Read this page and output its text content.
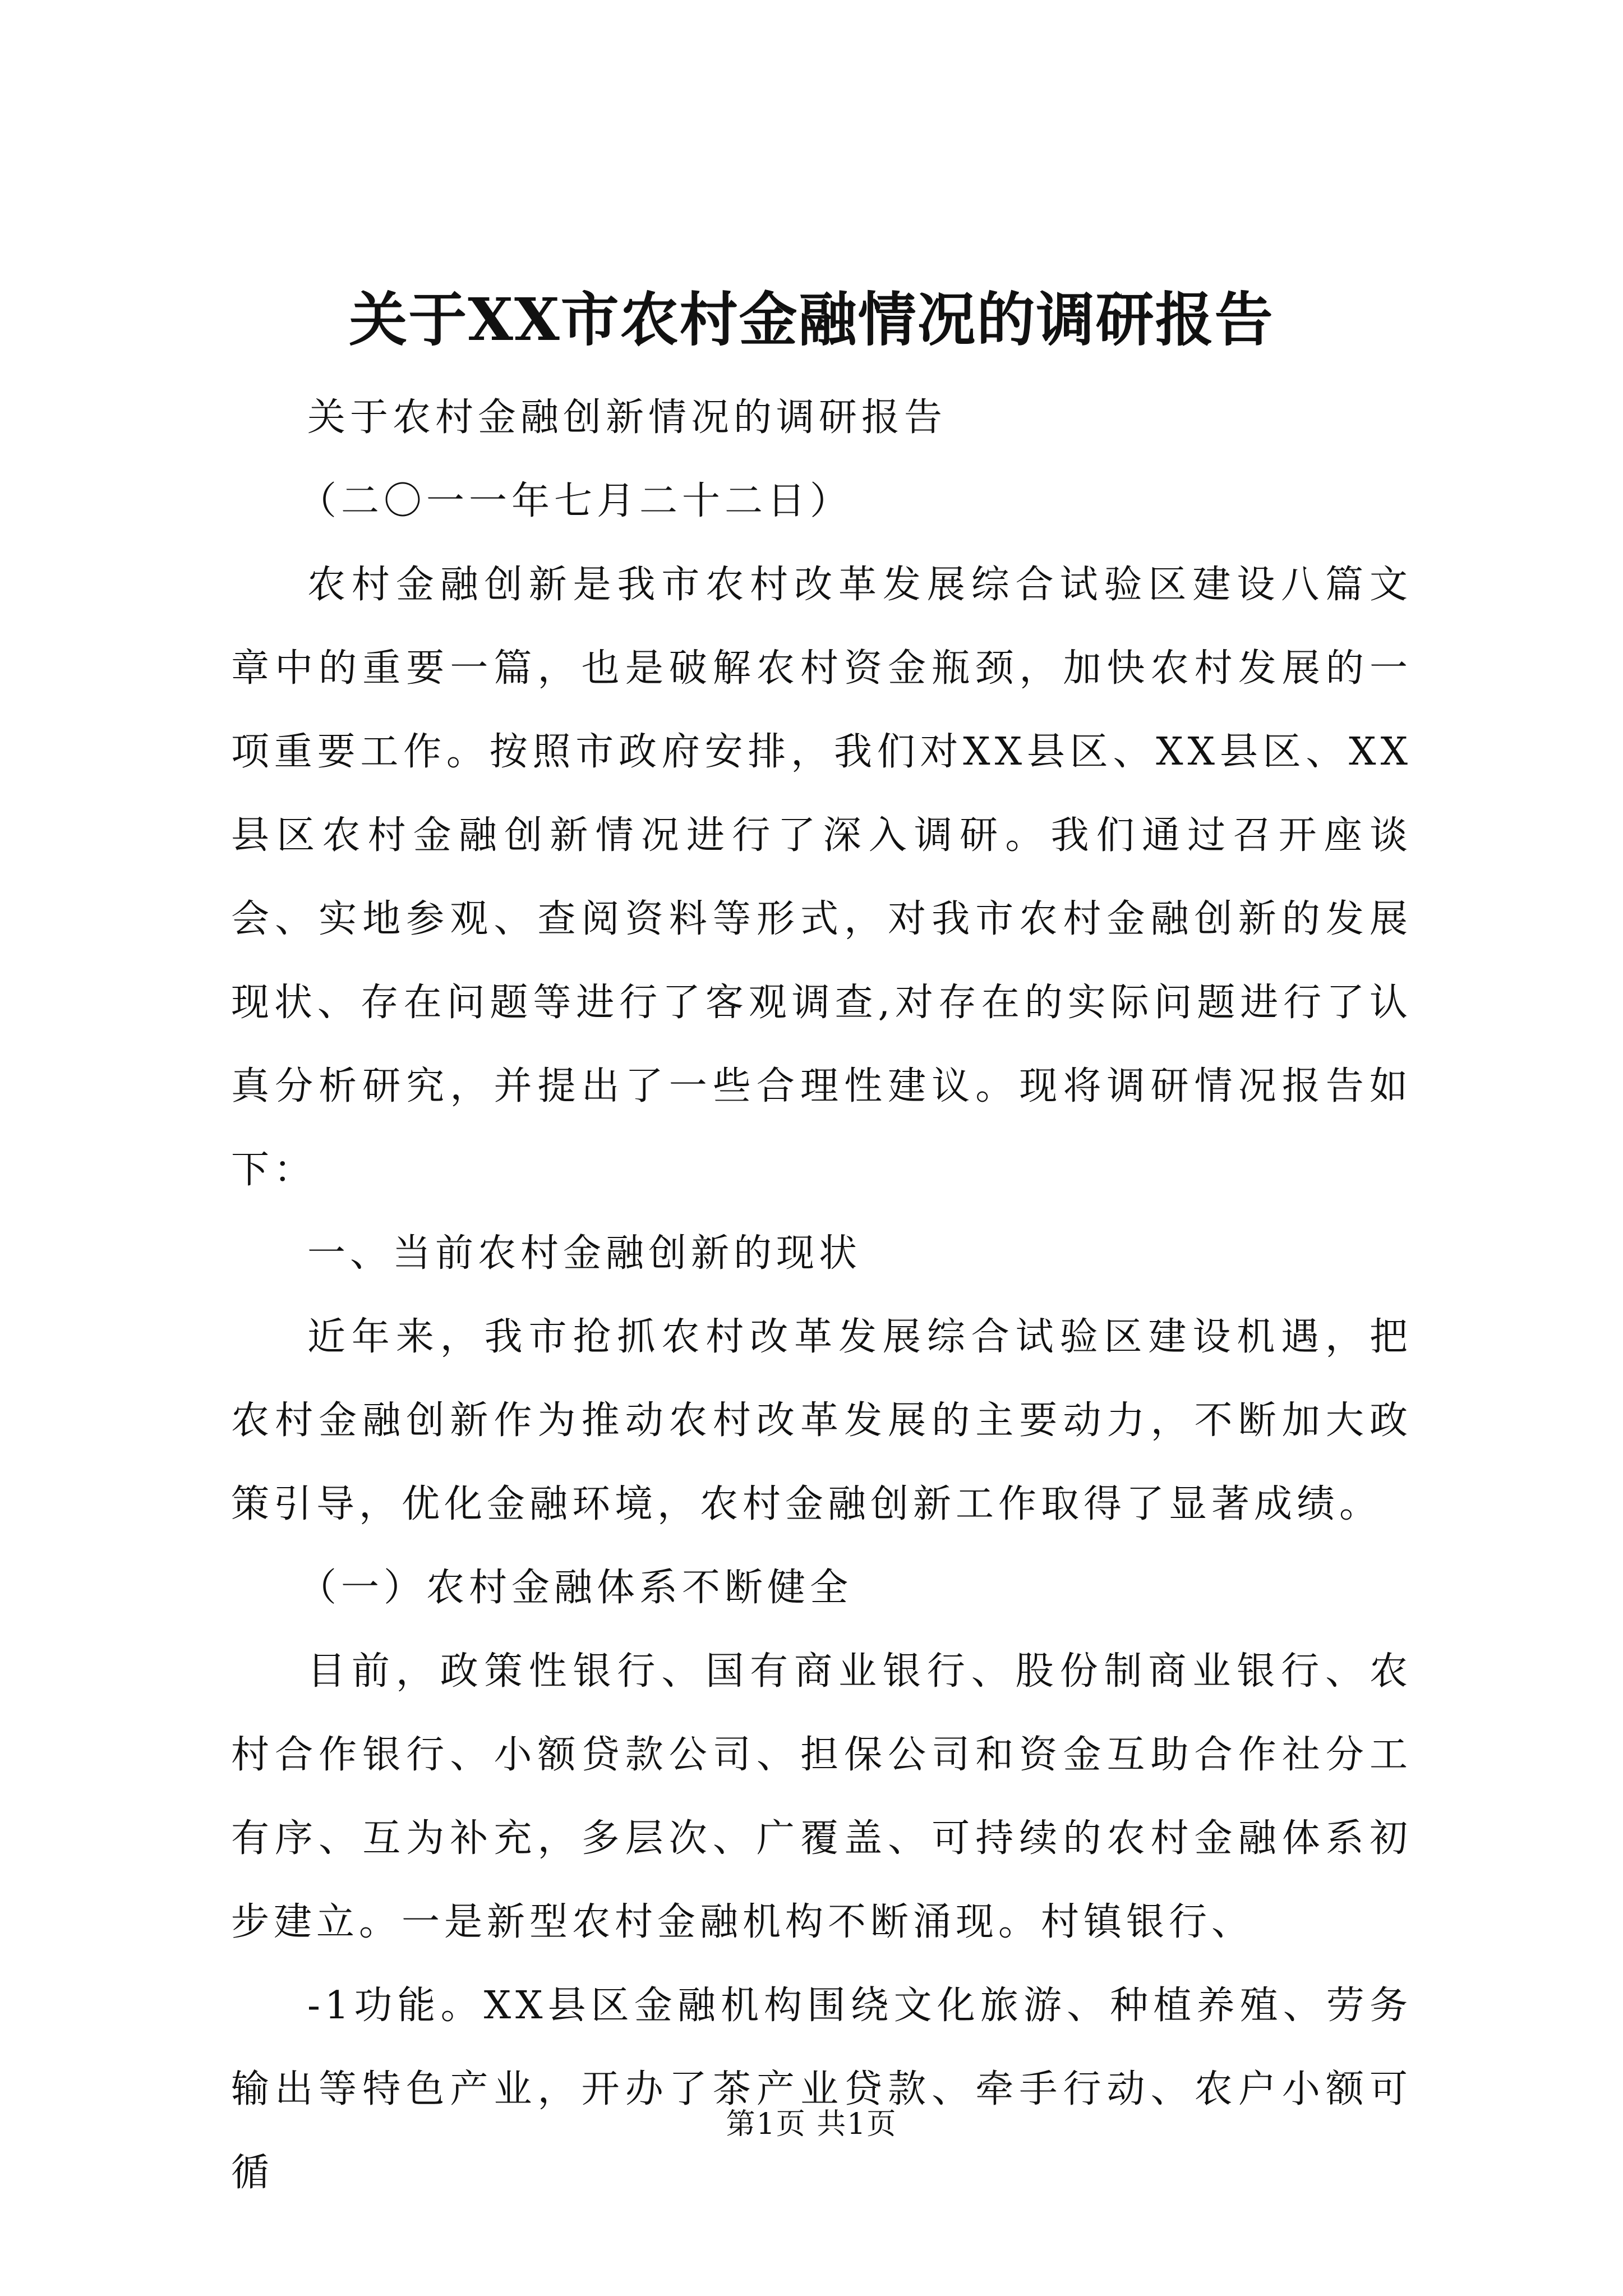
关于XX市农村金融情况的调研报告

关于农村金融创新情况的调研报告

（二〇一一年七月二十二日）

农村金融创新是我市农村改革发展综合试验区建设八篇文章中的重要一篇，也是破解农村资金瓶颈，加快农村发展的一项重要工作。按照市政府安排，我们对XX县区、XX县区、XX县区农村金融创新情况进行了深入调研。我们通过召开座谈会、实地参观、查阅资料等形式，对我市农村金融创新的发展现状、存在问题等进行了客观调查,对存在的实际问题进行了认真分析研究，并提出了一些合理性建议。现将调研情况报告如下：

一、当前农村金融创新的现状

近年来，我市抢抓农村改革发展综合试验区建设机遇，把农村金融创新作为推动农村改革发展的主要动力，不断加大政策引导，优化金融环境，农村金融创新工作取得了显著成绩。

（一）农村金融体系不断健全

目前，政策性银行、国有商业银行、股份制商业银行、农村合作银行、小额贷款公司、担保公司和资金互助合作社分工有序、互为补充，多层次、广覆盖、可持续的农村金融体系初步建立。一是新型农村金融机构不断涌现。村镇银行、

-1功能。XX县区金融机构围绕文化旅游、种植养殖、劳务输出等特色产业，开办了茶产业贷款、牵手行动、农户小额可循

第1页 共1页
